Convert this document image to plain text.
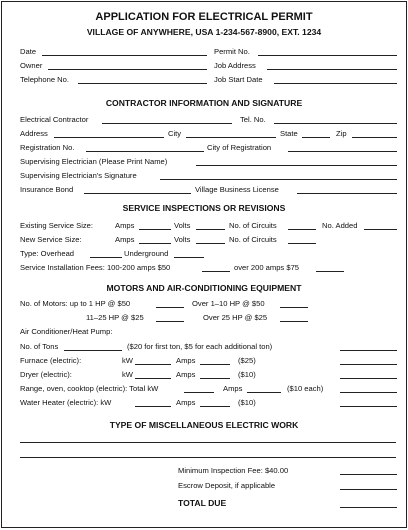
APPLICATION FOR ELECTRICAL PERMIT
VILLAGE OF ANYWHERE, USA 1-234-567-8900, EXT. 1234
Date	Permit No.
Owner	Job Address
Telephone No.	Job Start Date
CONTRACTOR INFORMATION AND SIGNATURE
Electrical Contractor	Tel. No.
Address	City	State	Zip
Registration No.	City of Registration
Supervising Electrician (Please Print Name)
Supervising Electrician's Signature
Insurance Bond	Village Business License
SERVICE INSPECTIONS OR REVISIONS
Existing Service Size:	Amps	Volts	No. of Circuits	No. Added
New Service Size:	Amps	Volts	No. of Circuits
Type: Overhead	Underground
Service Installation Fees: 100-200 amps $50	over 200 amps $75
MOTORS AND AIR-CONDITIONING EQUIPMENT
No. of Motors: up to 1 HP @ $50	Over 1–10 HP @ $50
11–25 HP @ $25	Over 25 HP @ $25
Air Conditioner/Heat Pump:
No. of Tons	($20 for first ton, $5 for each additional ton)
Furnace (electric):	kW	Amps	($25)
Dryer (electric):	kW	Amps	($10)
Range, oven, cooktop (electric): Total kW	Amps	($10 each)
Water Heater (electric): kW	Amps	($10)
TYPE OF MISCELLANEOUS ELECTRIC WORK
Minimum Inspection Fee: $40.00
Escrow Deposit, if applicable
TOTAL DUE
